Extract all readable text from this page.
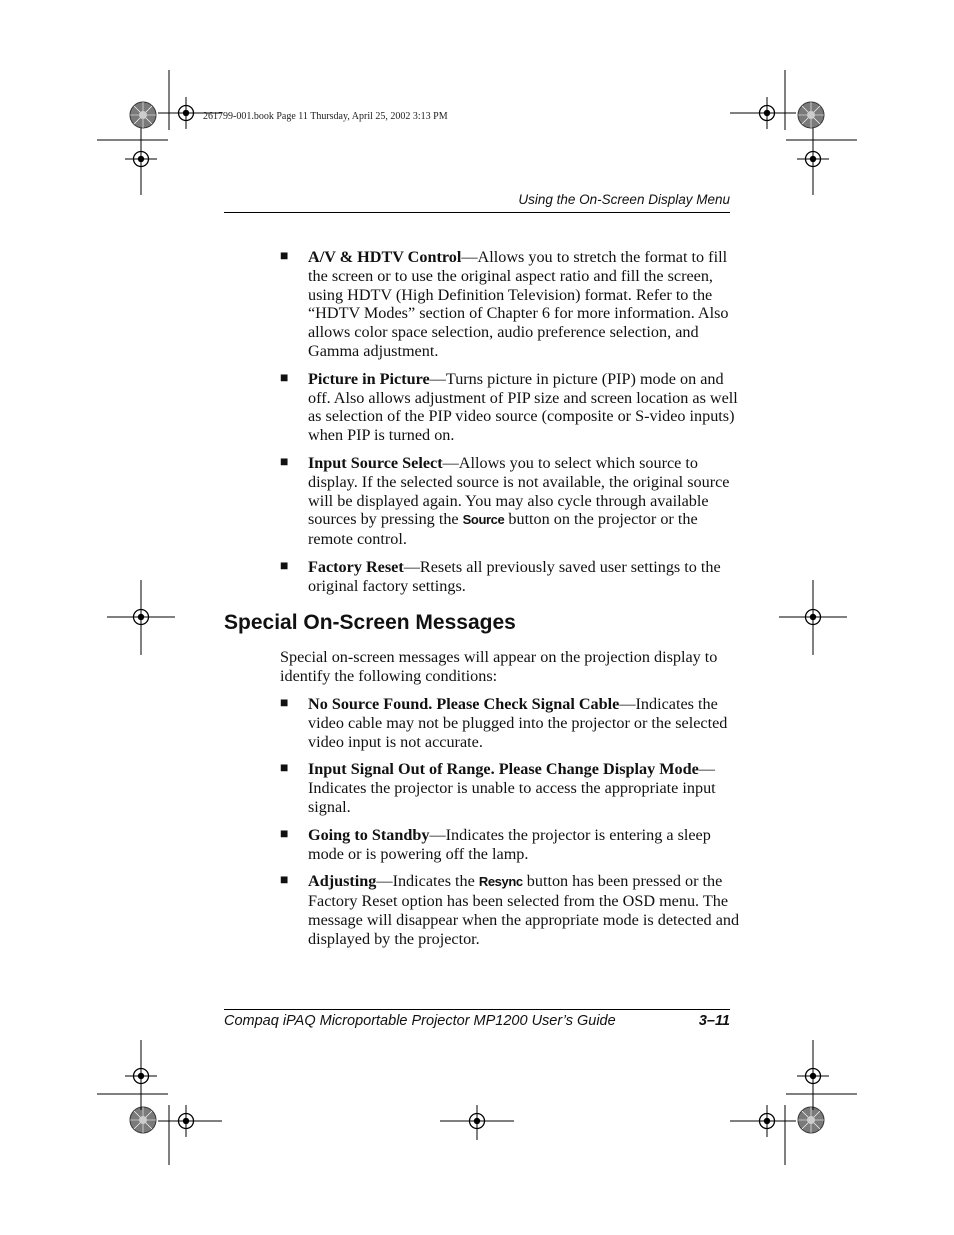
261799-001.book Page 11 Thursday, April 25, 2002 3:13 PM
Using the On-Screen Display Menu
■ A/V & HDTV Control—Allows you to stretch the format to fill the screen or to use the original aspect ratio and fill the screen, using HDTV (High Definition Television) format. Refer to the “HDTV Modes” section of Chapter 6 for more information. Also allows color space selection, audio preference selection, and Gamma adjustment.
■ Picture in Picture—Turns picture in picture (PIP) mode on and off. Also allows adjustment of PIP size and screen location as well as selection of the PIP video source (composite or S-video inputs) when PIP is turned on.
■ Input Source Select—Allows you to select which source to display. If the selected source is not available, the original source will be displayed again. You may also cycle through available sources by pressing the Source button on the projector or the remote control.
■ Factory Reset—Resets all previously saved user settings to the original factory settings.
Special On-Screen Messages

Special on-screen messages will appear on the projection display to identify the following conditions:

■ No Source Found. Please Check Signal Cable—Indicates the video cable may not be plugged into the projector or the selected video input is not accurate.
■ Input Signal Out of Range. Please Change Display Mode—Indicates the projector is unable to access the appropriate input signal.
■ Going to Standby—Indicates the projector is entering a sleep mode or is powering off the lamp.
■ Adjusting—Indicates the Resync button has been pressed or the Factory Reset option has been selected from the OSD menu. The message will disappear when the appropriate mode is detected and displayed by the projector.
Compaq iPAQ Microportable Projector MP1200 User’s Guide	3–11
